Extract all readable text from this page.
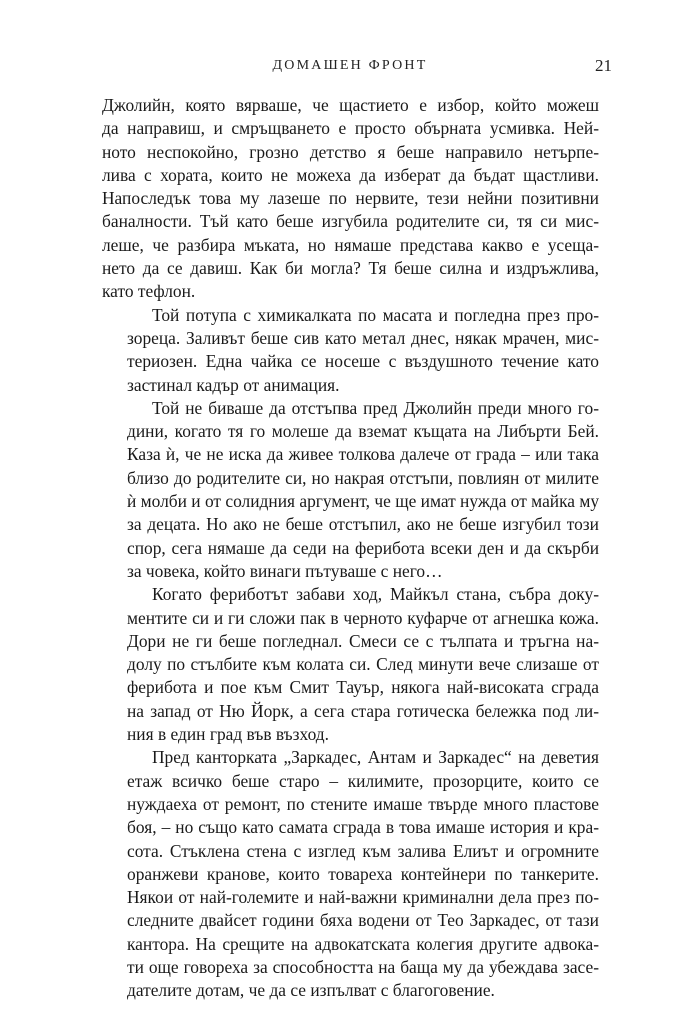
ДОМАШЕН ФРОНТ	21
Джолийн, която вярваше, че щастието е избор, който можеш
да направиш, и смръщването е просто обърната усмивка. Ней-
ното неспокойно, грозно детство я беше направило нетърпе-
лива с хората, които не можеха да изберат да бъдат щастливи.
Напоследък това му лазеше по нервите, тези нейни позитивни
баналности. Тъй като беше изгубила родителите си, тя си мис-
леше, че разбира мъката, но нямаше представа какво е усеща-
нето да се давиш. Как би могла? Тя беше силна и издръжлива,
като тефлон.
Той потупа с химикалката по масата и погледна през про-
зореца. Заливът беше сив като метал днес, някак мрачен, мис-
териозен. Една чайка се носеше с въздушното течение като
застинал кадър от анимация.
Той не биваше да отстъпва пред Джолийн преди много го-
дини, когато тя го молеше да вземат къщата на Либърти Бей.
Каза ѝ, че не иска да живее толкова далече от града – или така
близо до родителите си, но накрая отстъпи, повлиян от милите
ѝ молби и от солидния аргумент, че ще имат нужда от майка му
за децата. Но ако не беше отстъпил, ако не беше изгубил този
спор, сега нямаше да седи на ферибота всеки ден и да скърби
за човека, който винаги пътуваше с него…
Когато фериботът забави ход, Майкъл стана, събра доку-
ментите си и ги сложи пак в черното куфарче от агнешка кожа.
Дори не ги беше погледнал. Смеси се с тълпата и тръгна на-
долу по стълбите към колата си. След минути вече слизаше от
ферибота и пое към Смит Тауър, някога най-високата сграда
на запад от Ню Йорк, а сега стара готическа бележка под ли-
ния в един град във възход.
Пред канторката „Заркадес, Антам и Заркадес“ на деветия
етаж всичко беше старо – килимите, прозорците, които се
нуждаеха от ремонт, по стените имаше твърде много пластове
боя, – но също като самата сграда в това имаше история и кра-
сота. Стъклена стена с изглед към залива Елиът и огромните
оранжеви кранове, които товареха контейнери по танкерите.
Някои от най-големите и най-важни криминални дела през по-
следните двайсет години бяха водени от Тео Заркадес, от тази
кантора. На срещите на адвокатската колегия другите адвока-
ти още говореха за способността на баща му да убеждава засе-
дателите дотам, че да се изпълват с благоговение.
